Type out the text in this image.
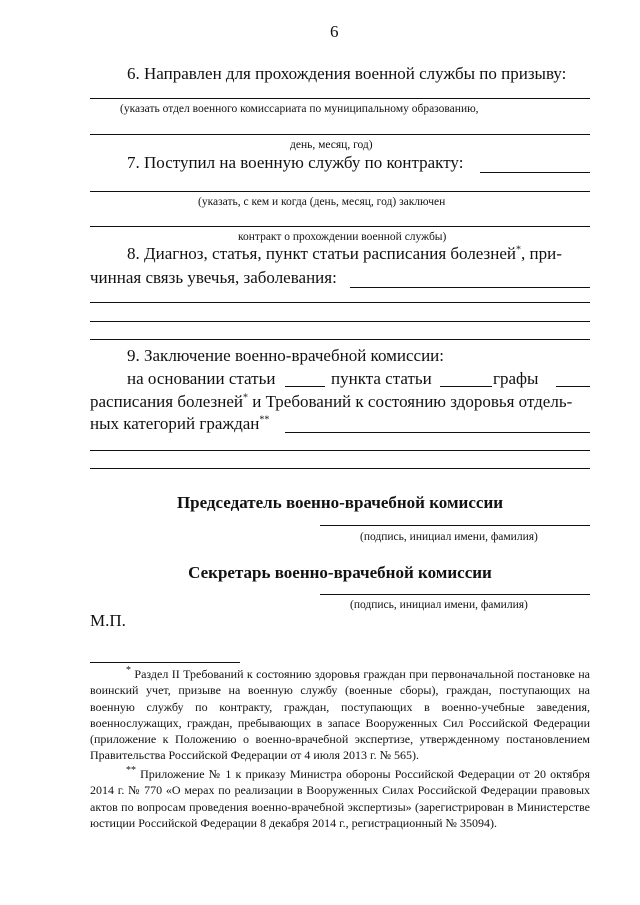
6
6. Направлен для прохождения военной службы по призыву:
(указать отдел военного комиссариата по муниципальному образованию,
день, месяц, год)
7. Поступил на военную службу по контракту:
(указать, с кем и когда (день, месяц, год) заключен
контракт о прохождении военной службы)
8. Диагноз, статья, пункт статьи расписания болезней*, при-
чинная связь увечья, заболевания:
9. Заключение военно-врачебной комиссии:
на основании статьи	пункта статьи	графы
расписания болезней* и Требований к состоянию здоровья отдель-
ных категорий граждан**
Председатель военно-врачебной комиссии
(подпись, инициал имени, фамилия)
Секретарь военно-врачебной комиссии
(подпись, инициал имени, фамилия)
М.П.
* Раздел II Требований к состоянию здоровья граждан при первоначальной постановке на воинский учет, призыве на военную службу (военные сборы), граждан, поступающих на военную службу по контракту, граждан, поступающих в военно-учебные заведения, военнослужащих, граждан, пребывающих в запасе Вооруженных Сил Российской Федерации (приложение к Положению о военно-врачебной экспертизе, утвержденному постановлением Правительства Российской Федерации от 4 июля 2013 г. № 565).
** Приложение № 1 к приказу Министра обороны Российской Федерации от 20 октября 2014 г. № 770 «О мерах по реализации в Вооруженных Силах Российской Федерации правовых актов по вопросам проведения военно-врачебной экспертизы» (зарегистрирован в Министерстве юстиции Российской Федерации 8 декабря 2014 г., регистрационный № 35094).
